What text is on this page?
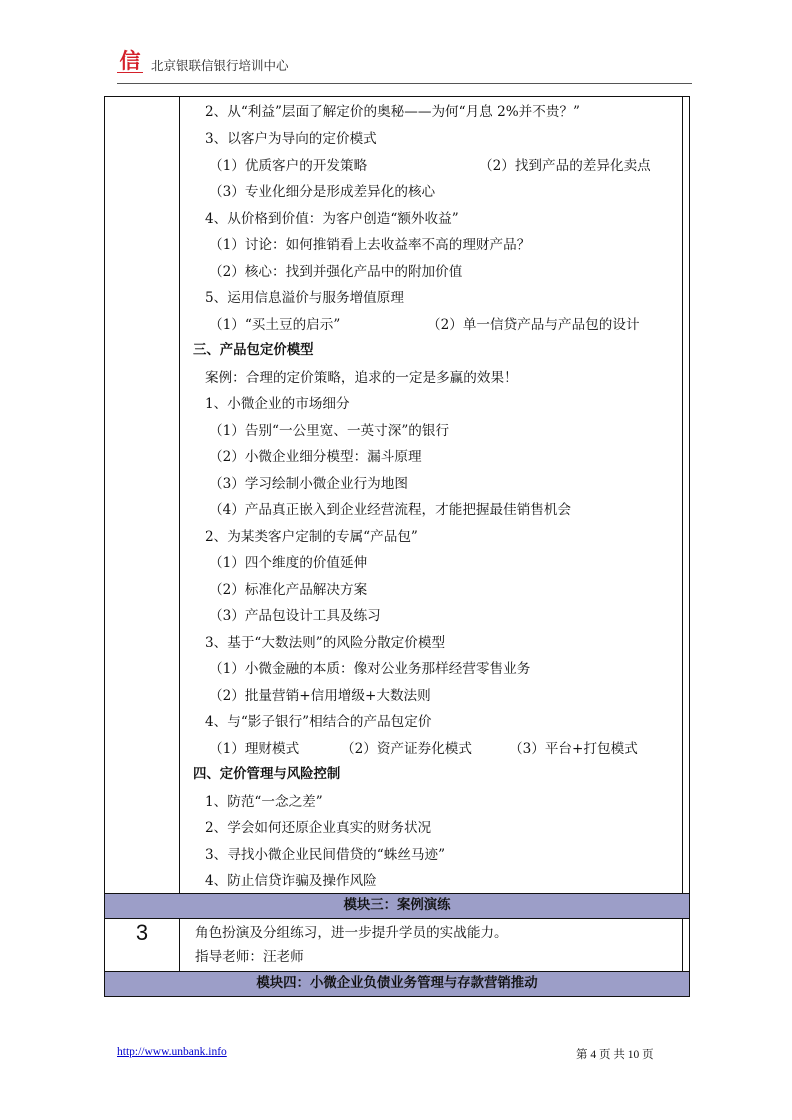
信 北京银联信银行培训中心
2、从“利益”层面了解定价的奥秘——为何“月息 2%并不贵？”
3、以客户为导向的定价模式
（1）优质客户的开发策略	（2）找到产品的差异化卖点
（3）专业化细分是形成差异化的核心
4、从价格到价值：为客户创造“额外收益”
（1）讨论：如何推销看上去收益率不高的理财产品？
（2）核心：找到并强化产品中的附加价值
5、运用信息溢价与服务增值原理
（1）“买土豆的启示”	（2）单一信贷产品与产品包的设计
三、产品包定价模型
案例：合理的定价策略，追求的一定是多赢的效果！
1、小微企业的市场细分
（1）告别“一公里宽、一英寸深”的银行
（2）小微企业细分模型：漏斗原理
（3）学习绘制小微企业行为地图
（4）产品真正嵌入到企业经营流程，才能把握最佳销售机会
2、为某类客户定制的专属“产品包”
（1）四个维度的价值延伸
（2）标准化产品解决方案
（3）产品包设计工具及练习
3、基于“大数法则”的风险分散定价模型
（1）小微金融的本质：像对公业务那样经营零售业务
（2）批量营销+信用增级+大数法则
4、与“影子银行”相结合的产品包定价
（1）理财模式	（2）资产证券化模式	（3）平台+打包模式
四、定价管理与风险控制
1、防范“一念之差”
2、学会如何还原企业真实的财务状况
3、寻找小微企业民间借贷的“蛛丝马迹”
4、防止信贷诈骗及操作风险
模块三：案例演练
3	角色扮演及分组练习，进一步提升学员的实战能力。
指导老师：汪老师
模块四：小微企业负债业务管理与存款营销推动
http://www.unbank.info	第 4 页 共 10 页
